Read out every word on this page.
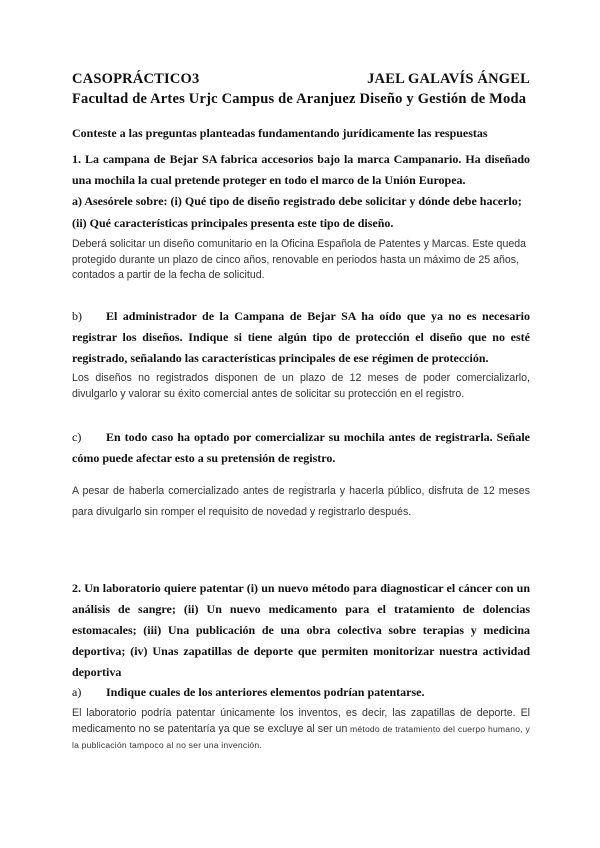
CASOPRÁCTICO3	JAEL GALAVÍS ÁNGEL
Facultad de Artes Urjc Campus de Aranjuez Diseño y Gestión de Moda
Conteste a las preguntas planteadas fundamentando jurídicamente las respuestas
1. La campana de Bejar SA fabrica accesorios bajo la marca Campanario. Ha diseñado una mochila la cual pretende proteger en todo el marco de la Unión Europea.
a) Asesórele sobre: (i) Qué tipo de diseño registrado debe solicitar y dónde debe hacerlo;
(ii) Qué características principales presenta este tipo de diseño.
Deberá solicitar un diseño comunitario en la Oficina Española de Patentes y Marcas. Este queda protegido durante un plazo de cinco años, renovable en periodos hasta un máximo de 25 años, contados a partir de la fecha de solicitud.
b) El administrador de la Campana de Bejar SA ha oído que ya no es necesario registrar los diseños. Indique si tiene algún tipo de protección el diseño que no esté registrado, señalando las características principales de ese régimen de protección.
Los diseños no registrados disponen de un plazo de 12 meses de poder comercializarlo, divulgarlo y valorar su éxito comercial antes de solicitar su protección en el registro.
c) En todo caso ha optado por comercializar su mochila antes de registrarla. Señale cómo puede afectar esto a su pretensión de registro.
A pesar de haberla comercializado antes de registrarla y hacerla público, disfruta de 12 meses para divulgarlo sin romper el requisito de novedad y registrarlo después.
2. Un laboratorio quiere patentar (i) un nuevo método para diagnosticar el cáncer con un análisis de sangre; (ii) Un nuevo medicamento para el tratamiento de dolencias estomacales; (iii) Una publicación de una obra colectiva sobre terapias y medicina deportiva; (iv) Unas zapatillas de deporte que permiten monitorizar nuestra actividad deportiva
a) Indique cuales de los anteriores elementos podrían patentarse.
El laboratorio podría patentar únicamente los inventos, es decir, las zapatillas de deporte. El medicamento no se patentaría ya que se excluye al ser un método de tratamiento del cuerpo humano, y la publicación tampoco al no ser una invención.
